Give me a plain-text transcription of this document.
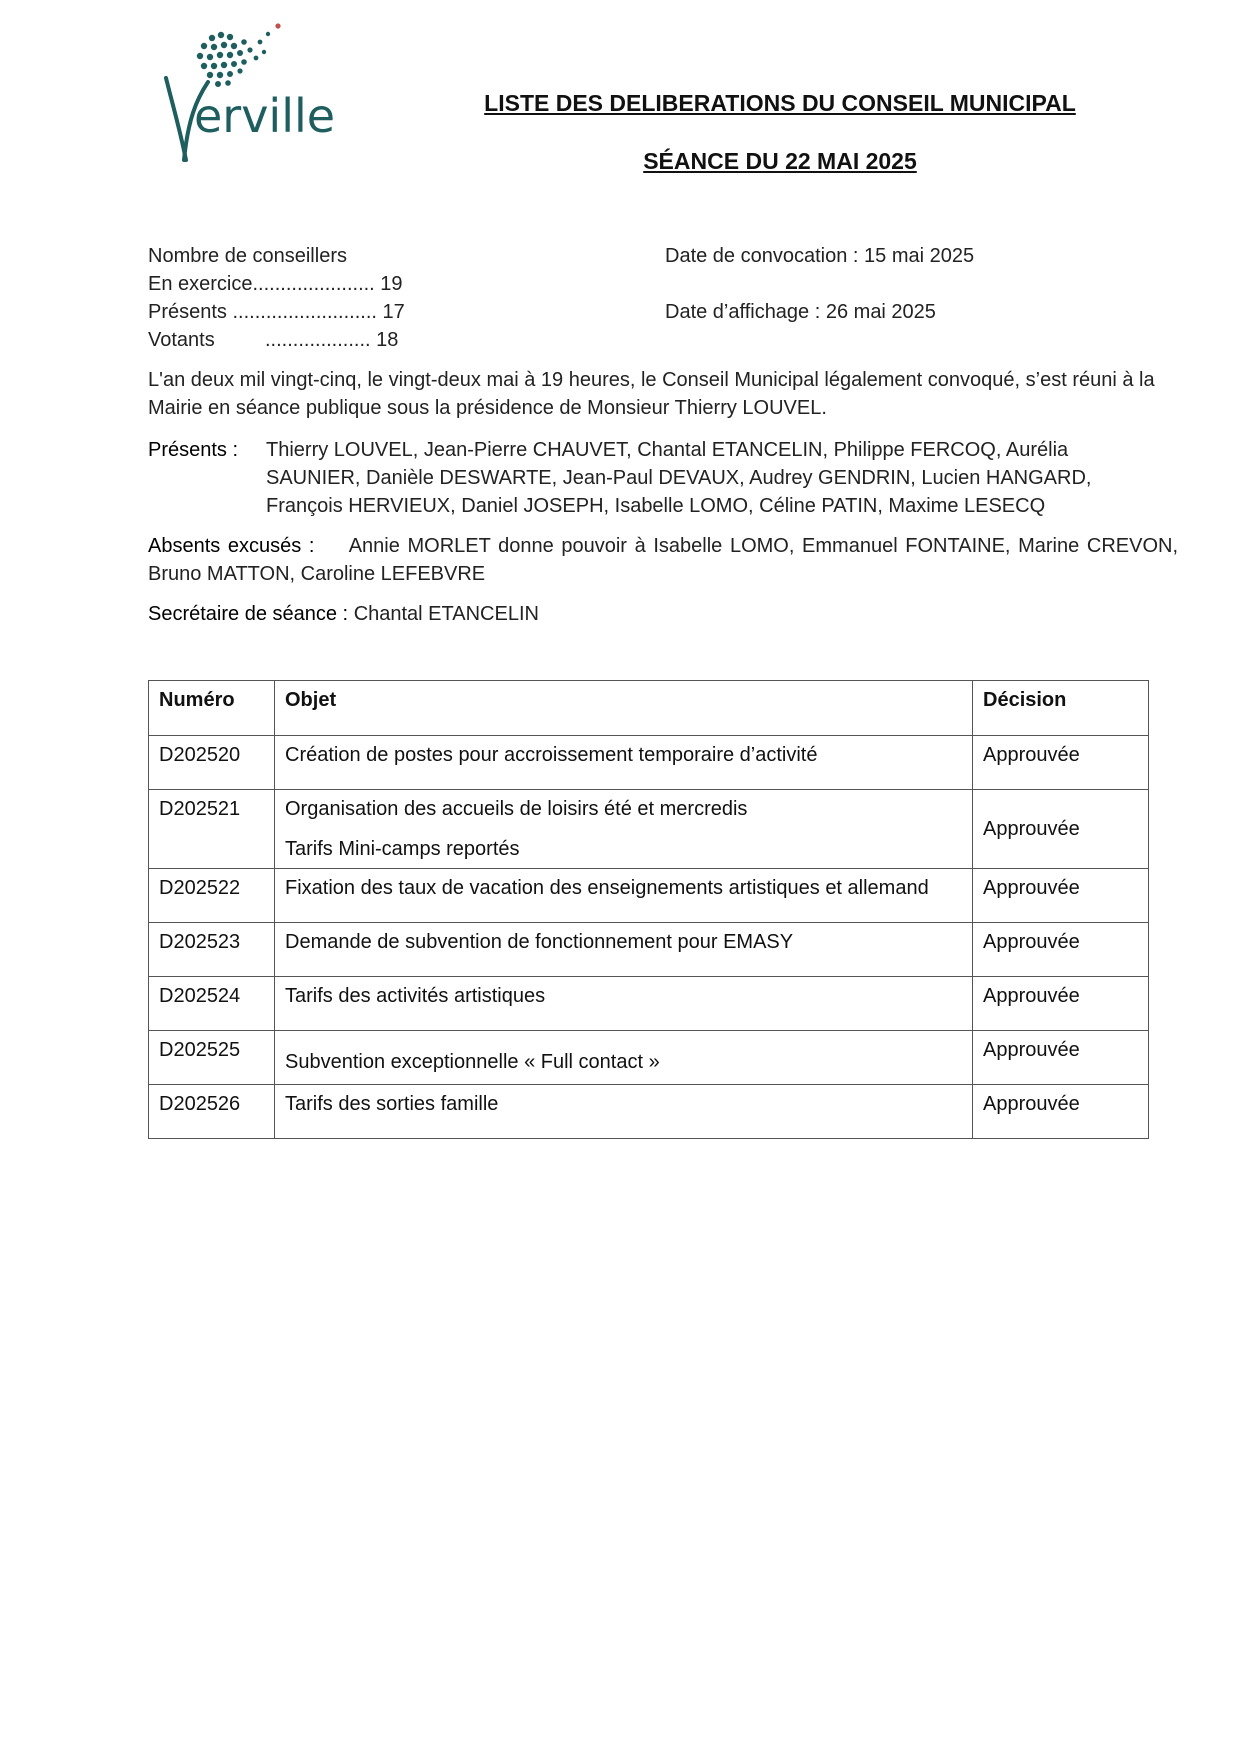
erville	LISTE DES DELIBERATIONS DU CONSEIL MUNICIPAL
SÉANCE DU 22 MAI 2025
Nombre de conseillers
En exercice...................... 19
Présents .......................... 17
Votants	................... 18
Date de convocation : 15 mai 2025
Date d’affichage : 26 mai 2025
L'an deux mil vingt-cinq, le vingt-deux mai à 19 heures, le Conseil Municipal légalement convoqué, s’est réuni à la Mairie en séance publique sous la présidence de Monsieur Thierry LOUVEL.
Présents : Thierry LOUVEL, Jean-Pierre CHAUVET, Chantal ETANCELIN, Philippe FERCOQ, Aurélia SAUNIER, Danièle DESWARTE, Jean-Paul DEVAUX, Audrey GENDRIN, Lucien HANGARD, François HERVIEUX, Daniel JOSEPH, Isabelle LOMO, Céline PATIN, Maxime LESECQ
Absents excusés : Annie MORLET donne pouvoir à Isabelle LOMO, Emmanuel FONTAINE, Marine CREVON, Bruno MATTON, Caroline LEFEBVRE
Secrétaire de séance : Chantal ETANCELIN
Numéro	Objet	Décision
D202520	Création de postes pour accroissement temporaire d’activité	Approuvée
D202521	Organisation des accueils de loisirs été et mercredis
Tarifs Mini-camps reportés	Approuvée
D202522	Fixation des taux de vacation des enseignements artistiques et allemand	Approuvée
D202523	Demande de subvention de fonctionnement pour EMASY	Approuvée
D202524	Tarifs des activités artistiques	Approuvée
D202525	Subvention exceptionnelle « Full contact »	Approuvée
D202526	Tarifs des sorties famille	Approuvée
